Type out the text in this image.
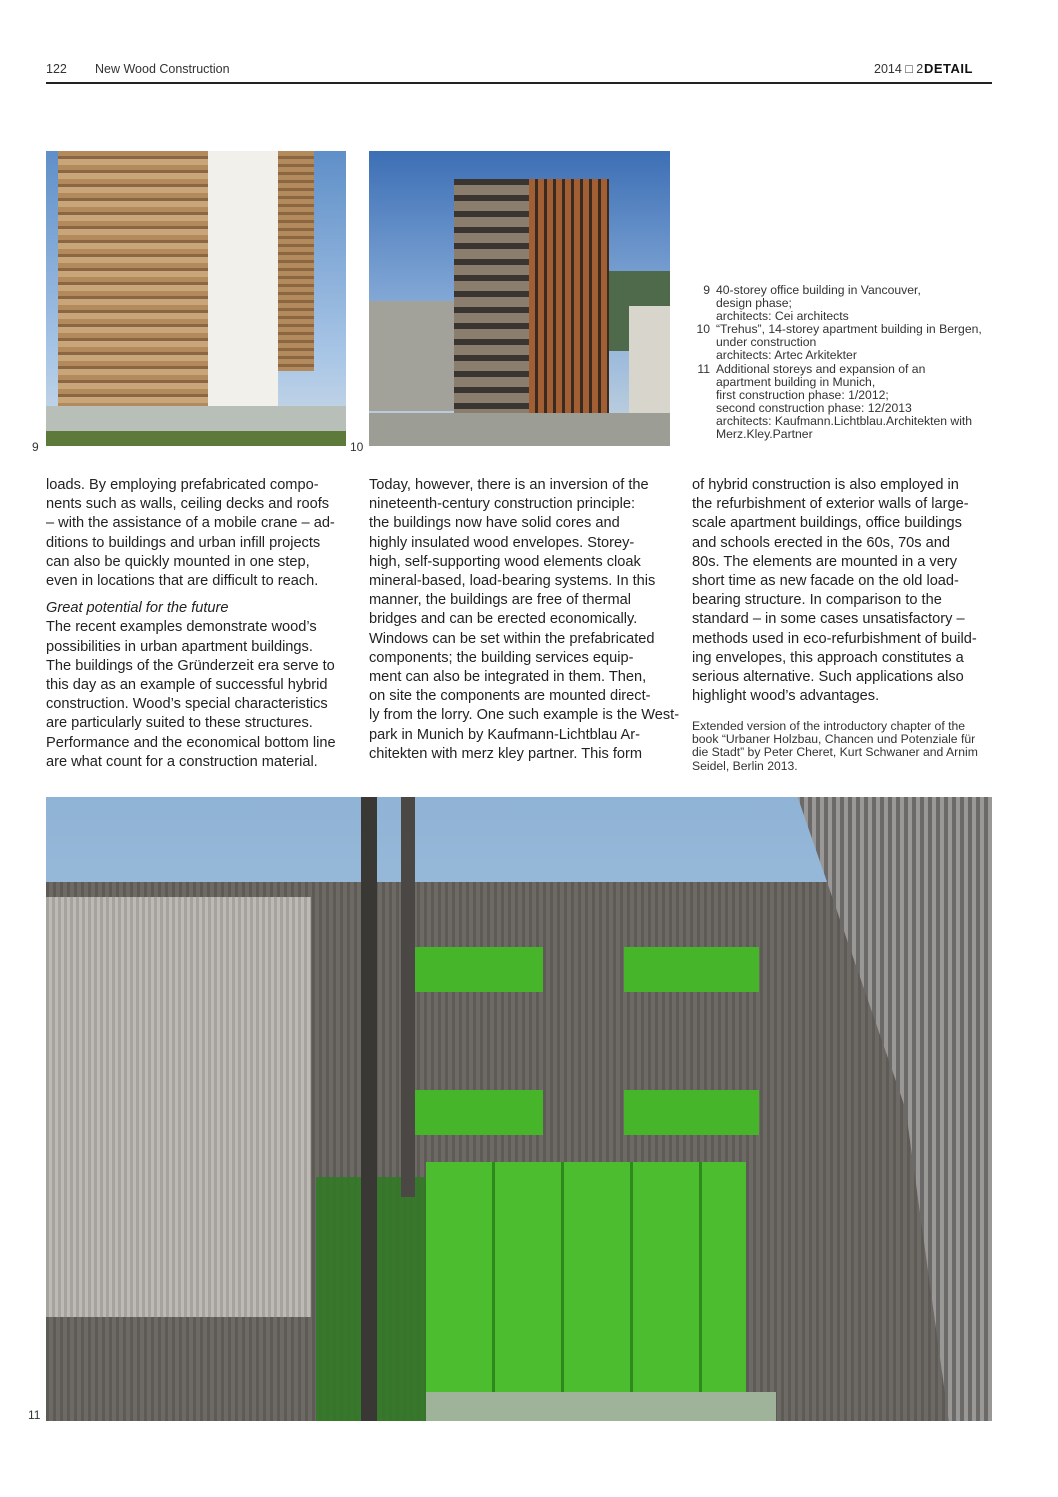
122 New Wood Construction	2014 □ 2 DETAIL
9	10
9 40-storey office building in Vancouver,
design phase;
architects: Cei architects
10 “Trehus”, 14-storey apartment building in Bergen,
under construction
architects: Artec Arkitekter
11 Additional storeys and expansion of an
apartment building in Munich,
first construction phase: 1/2012;
second construction phase: 12/2013
architects: Kaufmann.Lichtblau.Architekten with
Merz.Kley.Partner
loads. By employing prefabricated compo-
nents such as walls, ceiling decks and roofs
– with the assistance of a mobile crane – ad-
ditions to buildings and urban infill projects
can also be quickly mounted in one step,
even in locations that are difficult to reach.
Great potential for the future
The recent examples demonstrate wood’s
possibilities in urban apartment buildings.
The buildings of the Gründerzeit era serve to
this day as an example of successful hybrid
construction. Wood’s special characteristics
are particularly suited to these structures.
Performance and the economical bottom line
are what count for a construction material.
Today, however, there is an inversion of the
nineteenth-century construction principle:
the buildings now have solid cores and
highly insulated wood envelopes. Storey-
high, self-supporting wood elements cloak
mineral-based, load-bearing systems. In this
manner, the buildings are free of thermal
bridges and can be erected economically.
Windows can be set within the prefabricated
components; the building services equip-
ment can also be integrated in them. Then,
on site the components are mounted direct-
ly from the lorry. One such example is the West-
park in Munich by Kaufmann-Lichtblau Ar-
chitekten with merz kley partner. This form
of hybrid construction is also employed in
the refurbishment of exterior walls of large-
scale apartment buildings, office buildings
and schools erected in the 60s, 70s and
80s. The elements are mounted in a very
short time as new facade on the old load-
bearing structure. In comparison to the
standard – in some cases unsatisfactory –
methods used in eco-refurbishment of build-
ing envelopes, this approach constitutes a
serious alternative. Such applications also
highlight wood’s advantages.
Extended version of the introductory chapter of the book “Urbaner Holzbau, Chancen und Potenziale für die Stadt” by Peter Cheret, Kurt Schwaner and Arnim Seidel, Berlin 2013.
11
